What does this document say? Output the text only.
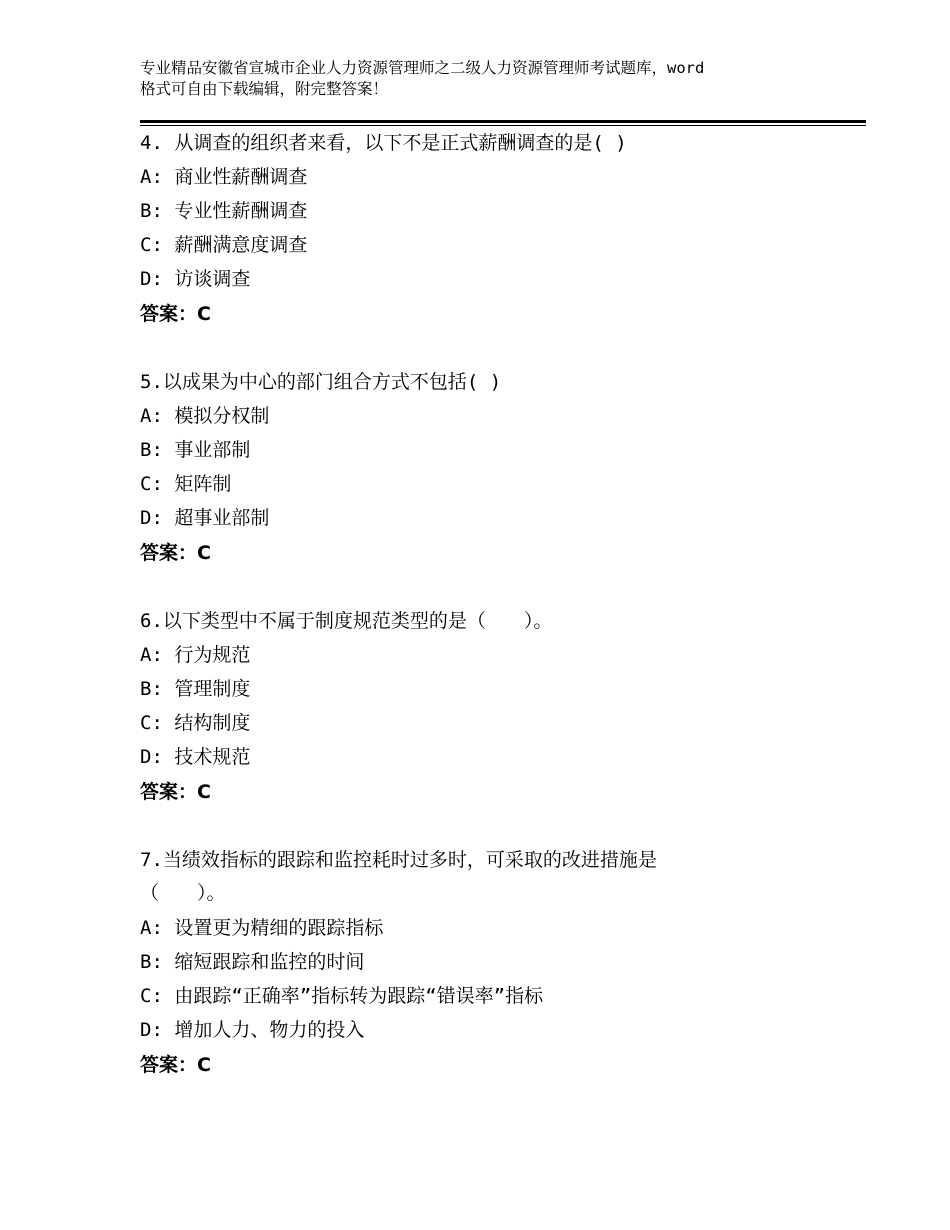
专业精品安徽省宣城市企业人力资源管理师之二级人力资源管理师考试题库，word
格式可自由下载编辑，附完整答案！
4. 从调查的组织者来看，以下不是正式薪酬调查的是( )
A: 商业性薪酬调查
B: 专业性薪酬调查
C: 薪酬满意度调查
D: 访谈调查
答案：C
5.以成果为中心的部门组合方式不包括( )
A: 模拟分权制
B: 事业部制
C: 矩阵制
D: 超事业部制
答案：C
6.以下类型中不属于制度规范类型的是（　　）。
A: 行为规范
B: 管理制度
C: 结构制度
D: 技术规范
答案：C
7.当绩效指标的跟踪和监控耗时过多时，可采取的改进措施是
（　　）。
A: 设置更为精细的跟踪指标
B: 缩短跟踪和监控的时间
C: 由跟踪“正确率”指标转为跟踪“错误率”指标
D: 增加人力、物力的投入
答案：C
